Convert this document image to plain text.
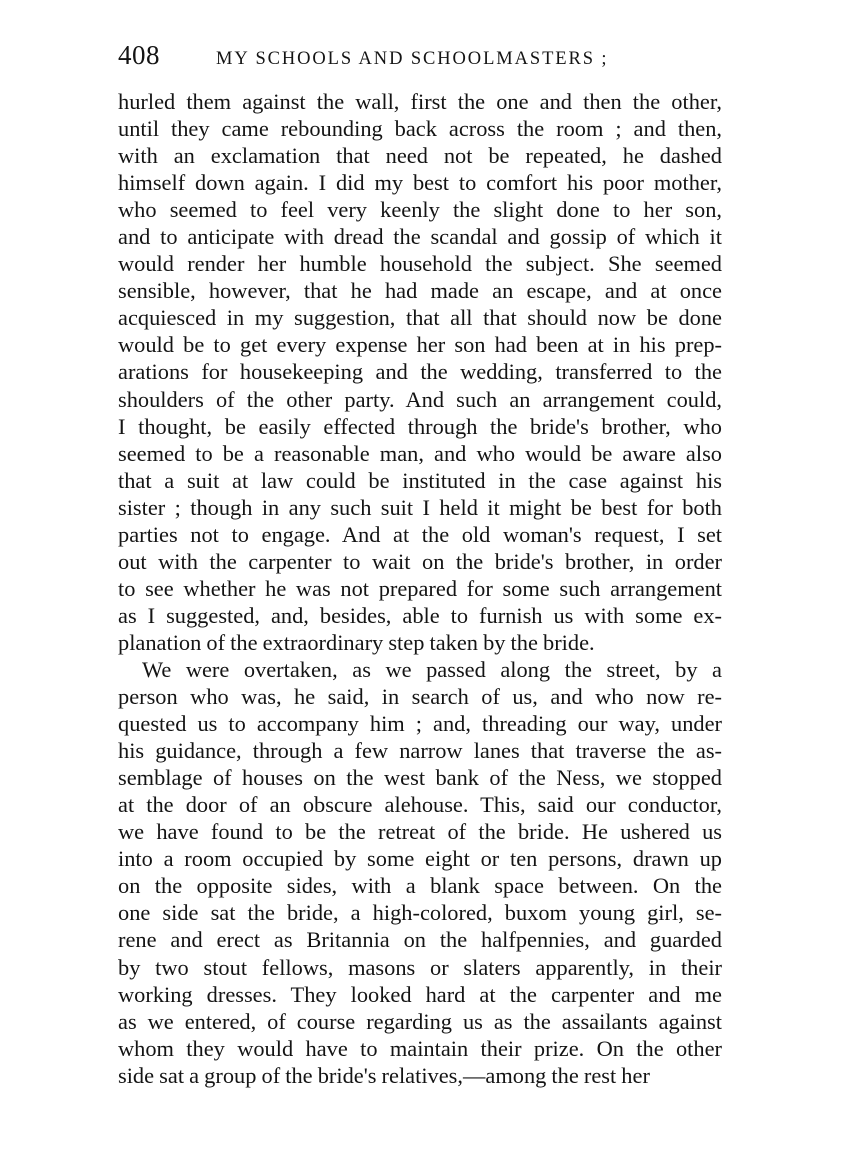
408	MY SCHOOLS AND SCHOOLMASTERS ;
hurled them against the wall, first the one and then the other,
until they came rebounding back across the room ; and then,
with an exclamation that need not be repeated, he dashed
himself down again. I did my best to comfort his poor mother,
who seemed to feel very keenly the slight done to her son,
and to anticipate with dread the scandal and gossip of which it
would render her humble household the subject. She seemed
sensible, however, that he had made an escape, and at once
acquiesced in my suggestion, that all that should now be done
would be to get every expense her son had been at in his prep-
arations for housekeeping and the wedding, transferred to the
shoulders of the other party. And such an arrangement could,
I thought, be easily effected through the bride's brother, who
seemed to be a reasonable man, and who would be aware also
that a suit at law could be instituted in the case against his
sister ; though in any such suit I held it might be best for both
parties not to engage. And at the old woman's request, I set
out with the carpenter to wait on the bride's brother, in order
to see whether he was not prepared for some such arrangement
as I suggested, and, besides, able to furnish us with some ex-
planation of the extraordinary step taken by the bride.
We were overtaken, as we passed along the street, by a
person who was, he said, in search of us, and who now re-
quested us to accompany him ; and, threading our way, under
his guidance, through a few narrow lanes that traverse the as-
semblage of houses on the west bank of the Ness, we stopped
at the door of an obscure alehouse. This, said our conductor,
we have found to be the retreat of the bride. He ushered us
into a room occupied by some eight or ten persons, drawn up
on the opposite sides, with a blank space between. On the
one side sat the bride, a high-colored, buxom young girl, se-
rene and erect as Britannia on the halfpennies, and guarded
by two stout fellows, masons or slaters apparently, in their
working dresses. They looked hard at the carpenter and me
as we entered, of course regarding us as the assailants against
whom they would have to maintain their prize. On the other
side sat a group of the bride's relatives,—among the rest her
